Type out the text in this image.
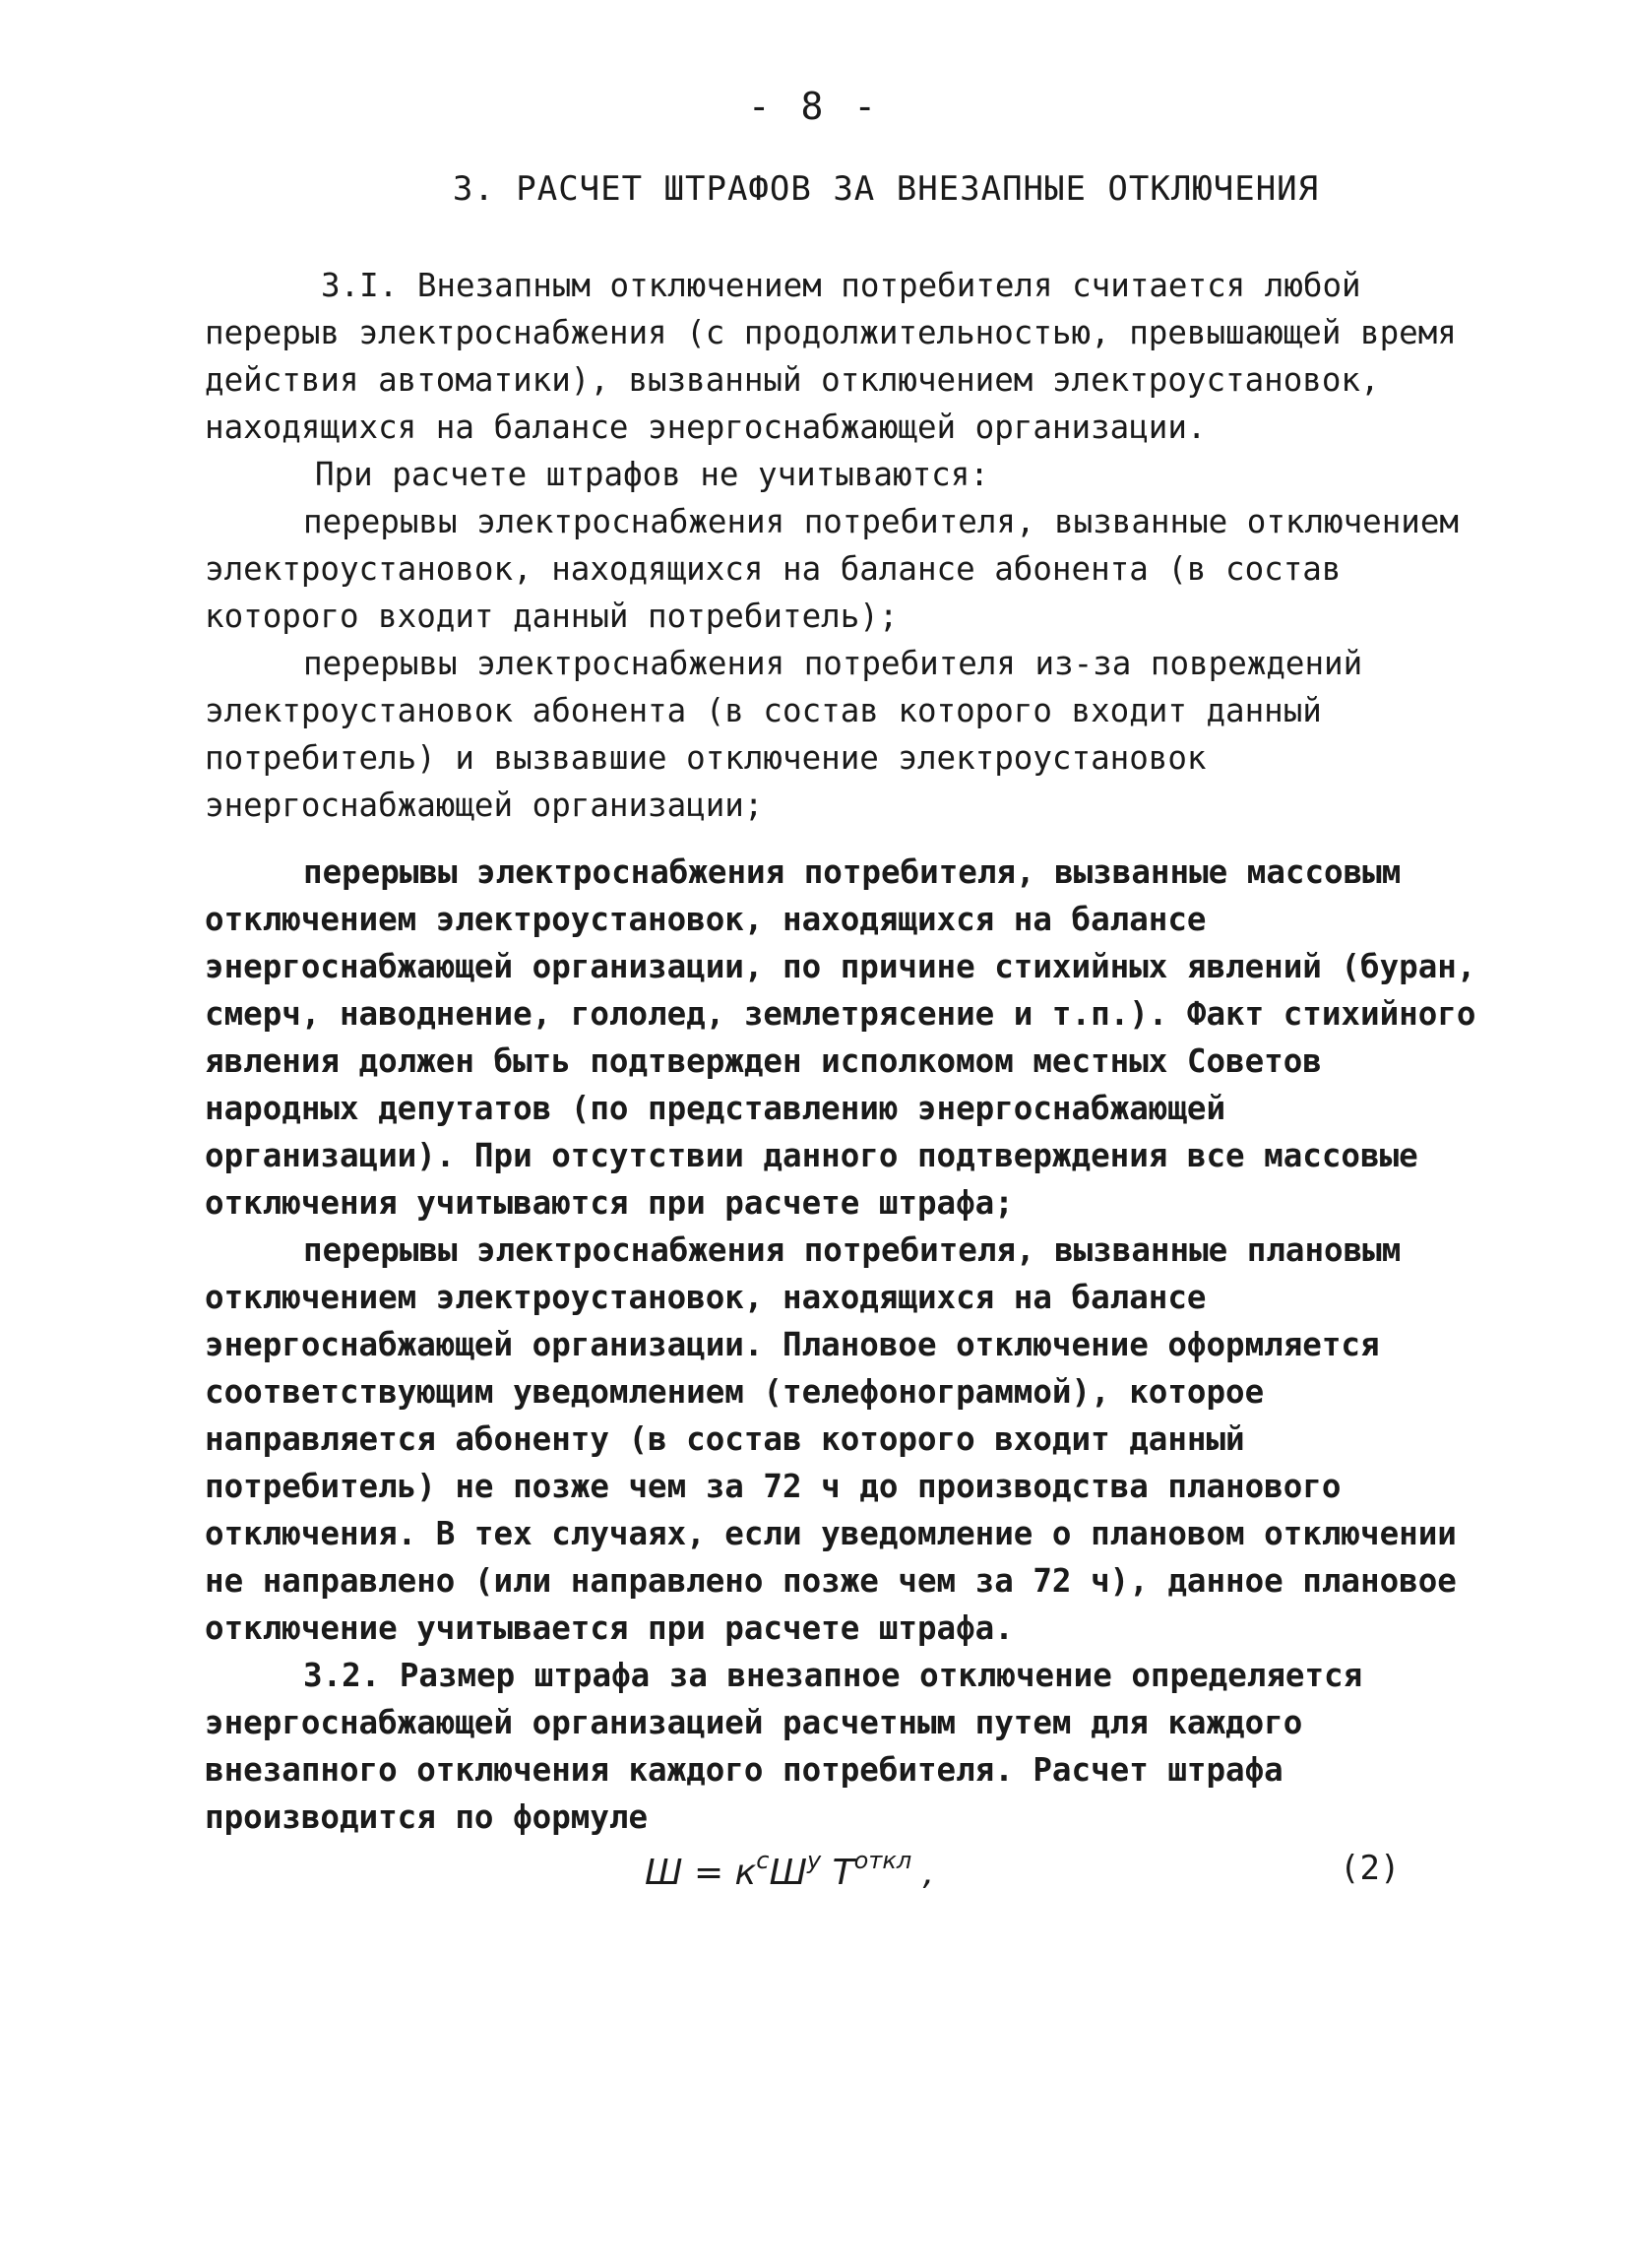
- 8 -
3. РАСЧЕТ ШТРАФОВ ЗА ВНЕЗАПНЫЕ ОТКЛЮЧЕНИЯ

3.I. Внезапным отключением потребителя считается любой перерыв электроснабжения (с продолжительностью, превышающей время действия автоматики), вызванный отключением электроустановок, находящихся на балансе энергоснабжающей организации.

При расчете штрафов не учитываются:

перерывы электроснабжения потребителя, вызванные отключением электроустановок, находящихся на балансе абонента (в состав которого входит данный потребитель);

перерывы электроснабжения потребителя из-за повреждений электроустановок абонента (в состав которого входит данный потребитель) и вызвавшие отключение электроустановок энергоснабжающей организации;

перерывы электроснабжения потребителя, вызванные массовым отключением электроустановок, находящихся на балансе энергоснабжающей организации, по причине стихийных явлений (буран, смерч, наводнение, гололед, землетрясение и т.п.). Факт стихийного явления должен быть подтвержден исполкомом местных Советов народных депутатов (по представлению энергоснабжающей организации). При отсутствии данного подтверждения все массовые отключения учитываются при расчете штрафа;

перерывы электроснабжения потребителя, вызванные плановым отключением электроустановок, находящихся на балансе энергоснабжающей организации. Плановое отключение оформляется соответствующим уведомлением (телефонограммой), которое направляется абоненту (в состав которого входит данный потребитель) не позже чем за 72 ч до производства планового отключения. В тех случаях, если уведомление о плановом отключении не направлено (или направлено позже чем за 72 ч), данное плановое отключение учитывается при расчете штрафа.

3.2. Размер штрафа за внезапное отключение определяется энергоснабжающей организацией расчетным путем для каждого внезапного отключения каждого потребителя. Расчет штрафа производится по формуле

$Ш = к^сШ^у$ $Т^{откл}$ ,	(2)
